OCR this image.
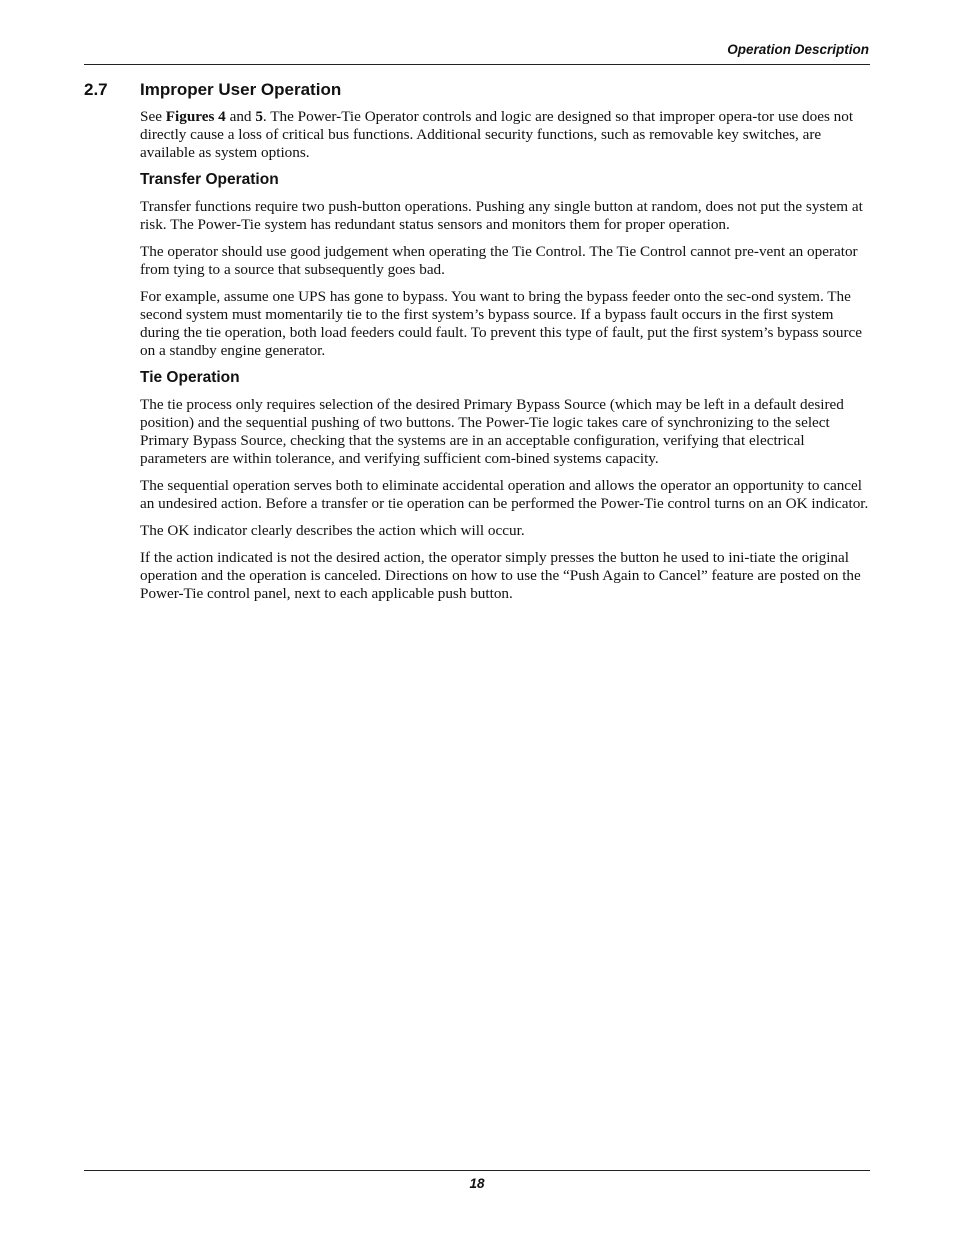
Operation Description
2.7 Improper User Operation

See Figures 4 and 5. The Power-Tie Operator controls and logic are designed so that improper opera-tor use does not directly cause a loss of critical bus functions. Additional security functions, such as removable key switches, are available as system options.

Transfer Operation

Transfer functions require two push-button operations. Pushing any single button at random, does not put the system at risk. The Power-Tie system has redundant status sensors and monitors them for proper operation.

The operator should use good judgement when operating the Tie Control. The Tie Control cannot pre-vent an operator from tying to a source that subsequently goes bad.

For example, assume one UPS has gone to bypass. You want to bring the bypass feeder onto the sec-ond system. The second system must momentarily tie to the first system’s bypass source. If a bypass fault occurs in the first system during the tie operation, both load feeders could fault. To prevent this type of fault, put the first system’s bypass source on a standby engine generator.

Tie Operation

The tie process only requires selection of the desired Primary Bypass Source (which may be left in a default desired position) and the sequential pushing of two buttons. The Power-Tie logic takes care of synchronizing to the select Primary Bypass Source, checking that the systems are in an acceptable configuration, verifying that electrical parameters are within tolerance, and verifying sufficient com-bined systems capacity.

The sequential operation serves both to eliminate accidental operation and allows the operator an opportunity to cancel an undesired action. Before a transfer or tie operation can be performed the Power-Tie control turns on an OK indicator.

The OK indicator clearly describes the action which will occur.

If the action indicated is not the desired action, the operator simply presses the button he used to ini-tiate the original operation and the operation is canceled. Directions on how to use the “Push Again to Cancel” feature are posted on the Power-Tie control panel, next to each applicable push button.

18
